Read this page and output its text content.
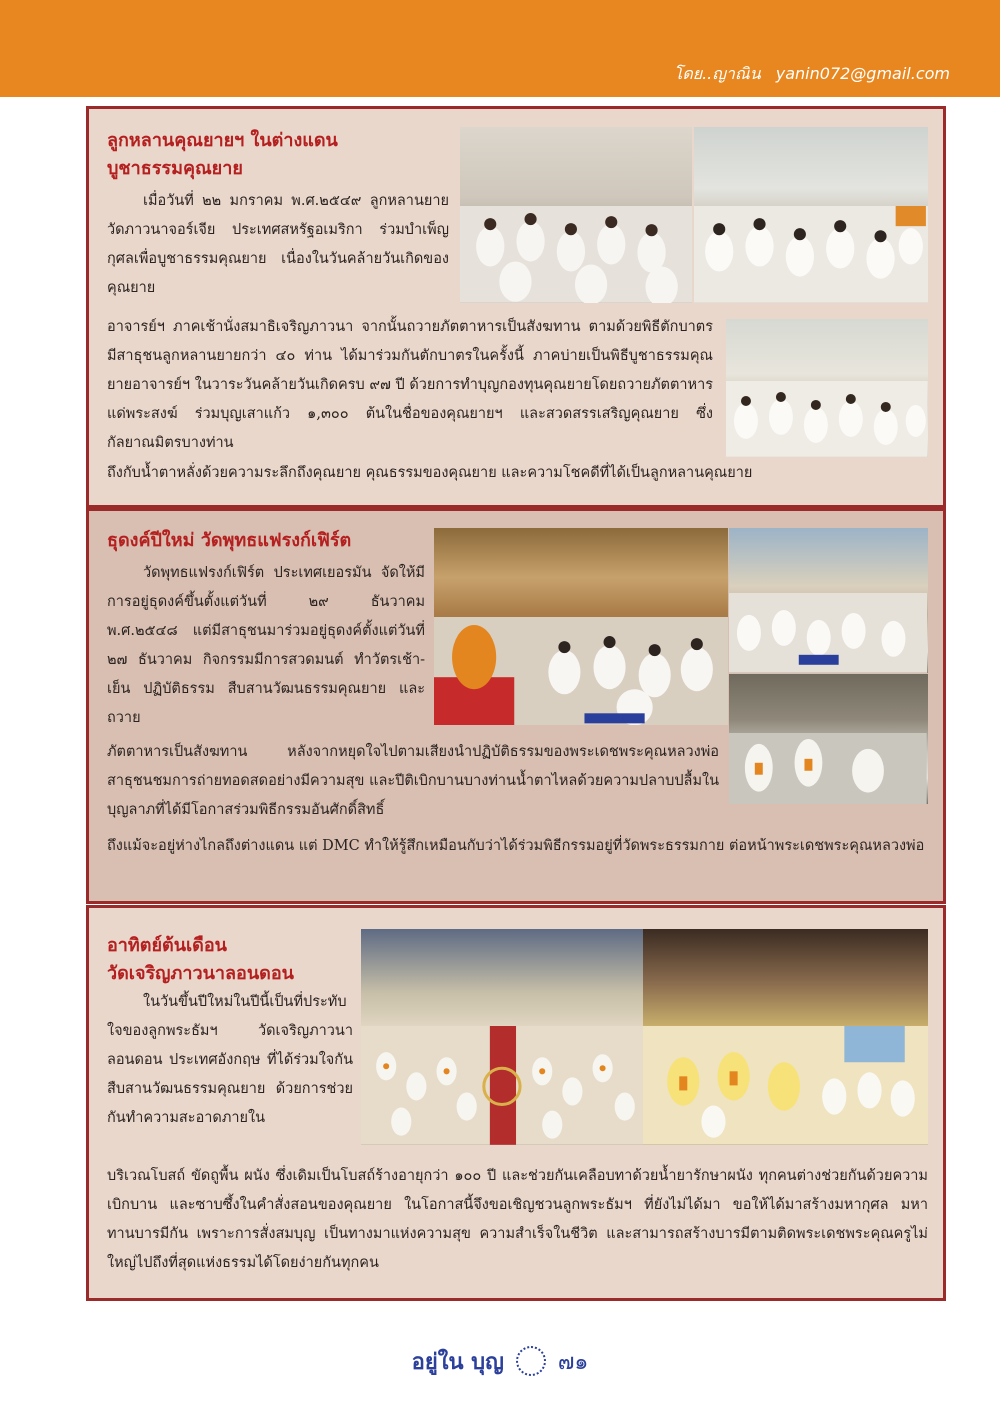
โดย..ญาณิน yanin072@gmail.com
ลูกหลานคุณยายฯ ในต่างแดน
บูชาธรรมคุณยาย
เมื่อวันที่ ๒๒ มกราคม พ.ศ.๒๕๔๙ ลูกหลานยายวัดภาวนาจอร์เจีย ประเทศสหรัฐอเมริกา ร่วมบำเพ็ญกุศลเพื่อบูชาธรรมคุณยาย เนื่องในวันคล้ายวันเกิดของคุณยาย
อาจารย์ฯ ภาคเช้านั่งสมาธิเจริญภาวนา จากนั้นถวายภัตตาหารเป็นสังฆทาน ตามด้วยพิธีตักบาตร มีสาธุชนลูกหลานยายกว่า ๔๐ ท่าน ได้มาร่วมกันตักบาตรในครั้งนี้ ภาคบ่ายเป็นพิธีบูชาธรรมคุณยายอาจารย์ฯ ในวาระวันคล้ายวันเกิดครบ ๙๗ ปี ด้วยการทำบุญกองทุนคุณยายโดยถวายภัตตาหารแด่พระสงฆ์ ร่วมบุญเสาแก้ว ๑,๓๐๐ ต้นในชื่อของคุณยายฯ และสวดสรรเสริญคุณยาย ซึ่งกัลยาณมิตรบางท่าน
ถึงกับน้ำตาหลั่งด้วยความระลึกถึงคุณยาย คุณธรรมของคุณยาย และความโชคดีที่ได้เป็นลูกหลานคุณยาย
ธุดงค์ปีใหม่ วัดพุทธแฟรงก์เฟิร์ต
วัดพุทธแฟรงก์เฟิร์ต ประเทศเยอรมัน จัดให้มีการอยู่ธุดงค์ขึ้นตั้งแต่วันที่ ๒๙ ธันวาคม พ.ศ.๒๕๔๘ แต่มีสาธุชนมาร่วมอยู่ธุดงค์ตั้งแต่วันที่ ๒๗ ธันวาคม กิจกรรมมีการสวดมนต์ ทำวัตรเช้า-เย็น ปฏิบัติธรรม สืบสานวัฒนธรรมคุณยาย และถวาย
ภัตตาหารเป็นสังฆทาน หลังจากหยุดใจไปตามเสียงนำปฏิบัติธรรมของพระเดชพระคุณหลวงพ่อ สาธุชนชมการถ่ายทอดสดอย่างมีความสุข และปีติเบิกบานบางท่านน้ำตาไหลด้วยความปลาบปลื้มในบุญลาภที่ได้มีโอกาสร่วมพิธีกรรมอันศักดิ์สิทธิ์
ถึงแม้จะอยู่ห่างไกลถึงต่างแดน แต่ DMC ทำให้รู้สึกเหมือนกับว่าได้ร่วมพิธีกรรมอยู่ที่วัดพระธรรมกาย ต่อหน้าพระเดชพระคุณหลวงพ่อ
อาทิตย์ต้นเดือน
วัดเจริญภาวนาลอนดอน
ในวันขึ้นปีใหม่ในปีนี้เป็นที่ประทับใจของลูกพระธัมฯ วัดเจริญภาวนาลอนดอน ประเทศอังกฤษ ที่ได้ร่วมใจกันสืบสานวัฒนธรรมคุณยาย ด้วยการช่วยกันทำความสะอาดภายใน
บริเวณโบสถ์ ขัดถูพื้น ผนัง ซึ่งเดิมเป็นโบสถ์ร้างอายุกว่า ๑๐๐ ปี และช่วยกันเคลือบทาด้วยน้ำยารักษาผนัง ทุกคนต่างช่วยกันด้วยความเบิกบาน และซาบซึ้งในคำสั่งสอนของคุณยาย ในโอกาสนี้จึงขอเชิญชวนลูกพระธัมฯ ที่ยังไม่ได้มา ขอให้ได้มาสร้างมหากุศล มหาทานบารมีกัน เพราะการสั่งสมบุญ เป็นทางมาแห่งความสุข ความสำเร็จในชีวิต และสามารถสร้างบารมีตามติดพระเดชพระคุณครูไม่ใหญ่ไปถึงที่สุดแห่งธรรมได้โดยง่ายกันทุกคน
อยู่ใน บุญ ๗๑
